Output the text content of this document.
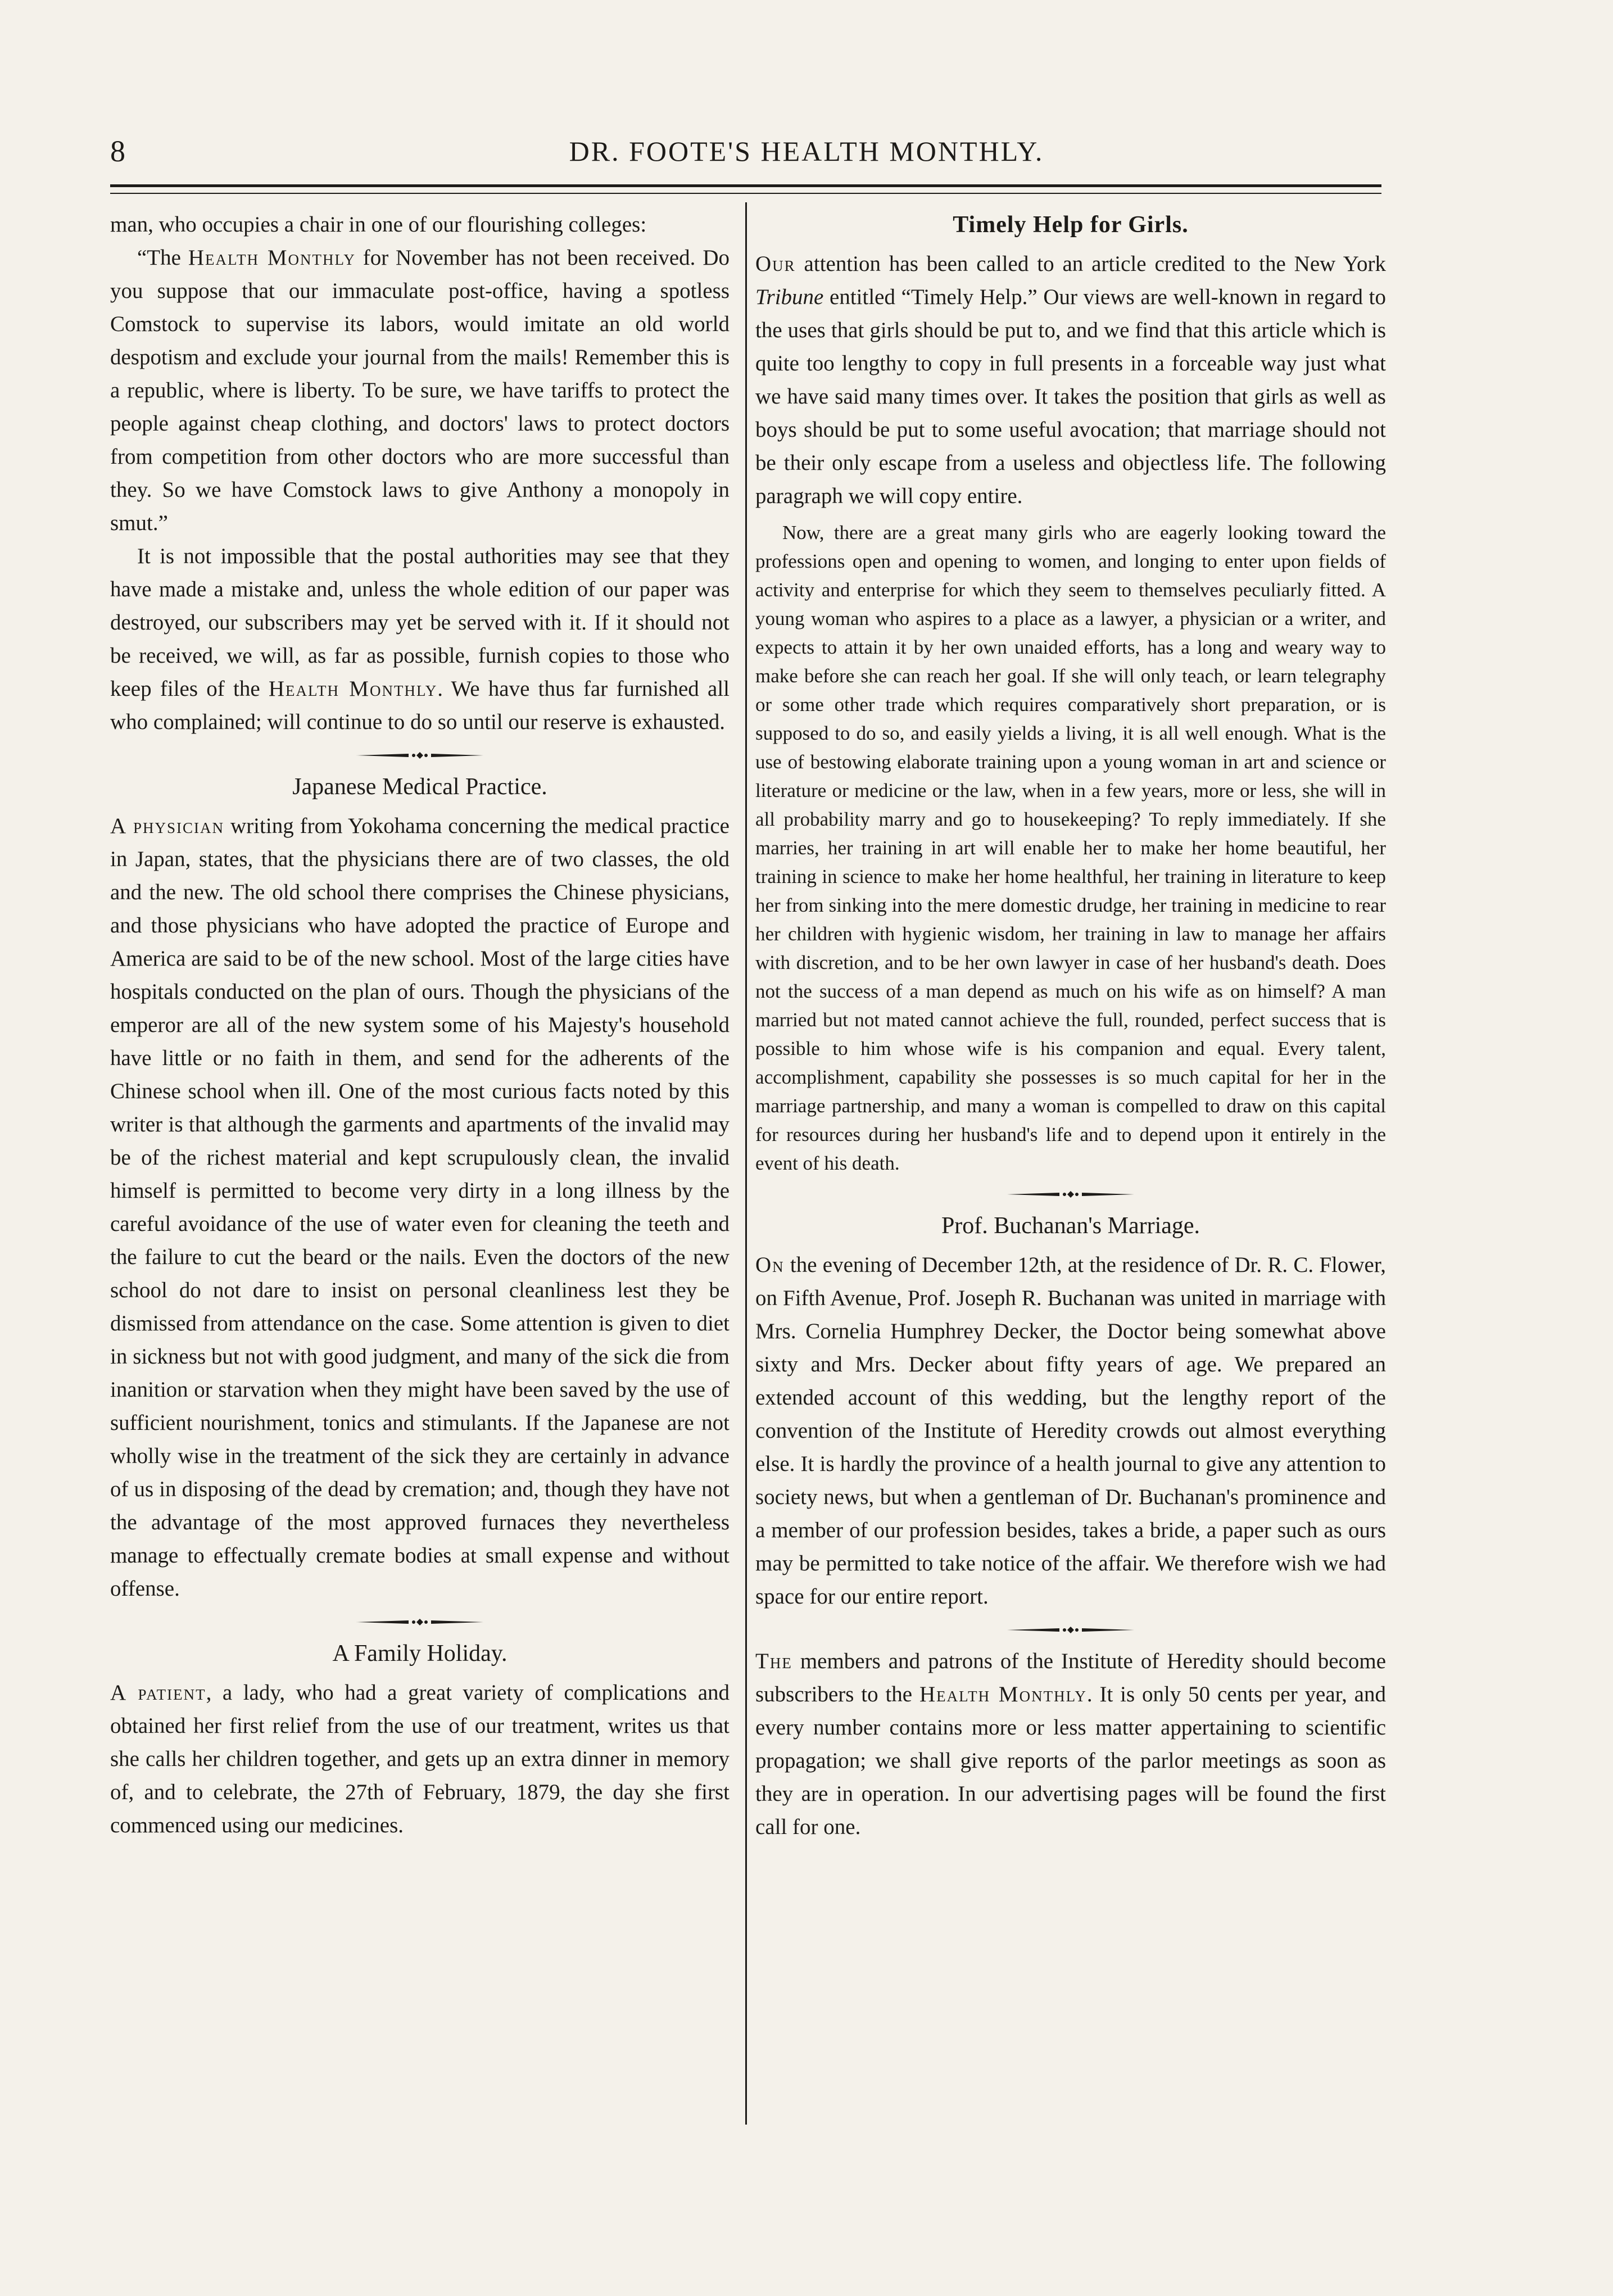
8	DR. FOOTE'S HEALTH MONTHLY.

man, who occupies a chair in one of our flourishing colleges:

“The Health Monthly for November has not been received. Do you suppose that our immaculate post-office, having a spotless Comstock to supervise its labors, would imitate an old world despotism and exclude your journal from the mails! Remember this is a republic, where is liberty. To be sure, we have tariffs to protect the people against cheap clothing, and doctors' laws to protect doctors from competition from other doctors who are more successful than they. So we have Comstock laws to give Anthony a monopoly in smut.”

It is not impossible that the postal authorities may see that they have made a mistake and, unless the whole edition of our paper was destroyed, our subscribers may yet be served with it. If it should not be received, we will, as far as possible, furnish copies to those who keep files of the Health Monthly. We have thus far furnished all who complained; will continue to do so until our reserve is exhausted.

Japanese Medical Practice.

A physician writing from Yokohama concerning the medical practice in Japan, states, that the physicians there are of two classes, the old and the new. The old school there comprises the Chinese physicians, and those physicians who have adopted the practice of Europe and America are said to be of the new school. Most of the large cities have hospitals conducted on the plan of ours. Though the physicians of the emperor are all of the new system some of his Majesty's household have little or no faith in them, and send for the adherents of the Chinese school when ill. One of the most curious facts noted by this writer is that although the garments and apartments of the invalid may be of the richest material and kept scrupulously clean, the invalid himself is permitted to become very dirty in a long illness by the careful avoidance of the use of water even for cleaning the teeth and the failure to cut the beard or the nails. Even the doctors of the new school do not dare to insist on personal cleanliness lest they be dismissed from attendance on the case. Some attention is given to diet in sickness but not with good judgment, and many of the sick die from inanition or starvation when they might have been saved by the use of sufficient nourishment, tonics and stimulants. If the Japanese are not wholly wise in the treatment of the sick they are certainly in advance of us in disposing of the dead by cremation; and, though they have not the advantage of the most approved furnaces they nevertheless manage to effectually cremate bodies at small expense and without offense.

A Family Holiday.

A patient, a lady, who had a great variety of complications and obtained her first relief from the use of our treatment, writes us that she calls her children together, and gets up an extra dinner in memory of, and to celebrate, the 27th of February, 1879, the day she first commenced using our medicines.

Timely Help for Girls.

Our attention has been called to an article credited to the New York Tribune entitled “Timely Help.” Our views are well-known in regard to the uses that girls should be put to, and we find that this article which is quite too lengthy to copy in full presents in a forceable way just what we have said many times over. It takes the position that girls as well as boys should be put to some useful avocation; that marriage should not be their only escape from a useless and objectless life. The following paragraph we will copy entire.

Now, there are a great many girls who are eagerly looking toward the professions open and opening to women, and longing to enter upon fields of activity and enterprise for which they seem to themselves peculiarly fitted. A young woman who aspires to a place as a lawyer, a physician or a writer, and expects to attain it by her own unaided efforts, has a long and weary way to make before she can reach her goal. If she will only teach, or learn telegraphy or some other trade which requires comparatively short preparation, or is supposed to do so, and easily yields a living, it is all well enough. What is the use of bestowing elaborate training upon a young woman in art and science or literature or medicine or the law, when in a few years, more or less, she will in all probability marry and go to housekeeping? To reply immediately. If she marries, her training in art will enable her to make her home beautiful, her training in science to make her home healthful, her training in literature to keep her from sinking into the mere domestic drudge, her training in medicine to rear her children with hygienic wisdom, her training in law to manage her affairs with discretion, and to be her own lawyer in case of her husband's death. Does not the success of a man depend as much on his wife as on himself? A man married but not mated cannot achieve the full, rounded, perfect success that is possible to him whose wife is his companion and equal. Every talent, accomplishment, capability she possesses is so much capital for her in the marriage partnership, and many a woman is compelled to draw on this capital for resources during her husband's life and to depend upon it entirely in the event of his death.

Prof. Buchanan's Marriage.

On the evening of December 12th, at the residence of Dr. R. C. Flower, on Fifth Avenue, Prof. Joseph R. Buchanan was united in marriage with Mrs. Cornelia Humphrey Decker, the Doctor being somewhat above sixty and Mrs. Decker about fifty years of age. We prepared an extended account of this wedding, but the lengthy report of the convention of the Institute of Heredity crowds out almost everything else. It is hardly the province of a health journal to give any attention to society news, but when a gentleman of Dr. Buchanan's prominence and a member of our profession besides, takes a bride, a paper such as ours may be permitted to take notice of the affair. We therefore wish we had space for our entire report.

The members and patrons of the Institute of Heredity should become subscribers to the Health Monthly. It is only 50 cents per year, and every number contains more or less matter appertaining to scientific propagation; we shall give reports of the parlor meetings as soon as they are in operation. In our advertising pages will be found the first call for one.
